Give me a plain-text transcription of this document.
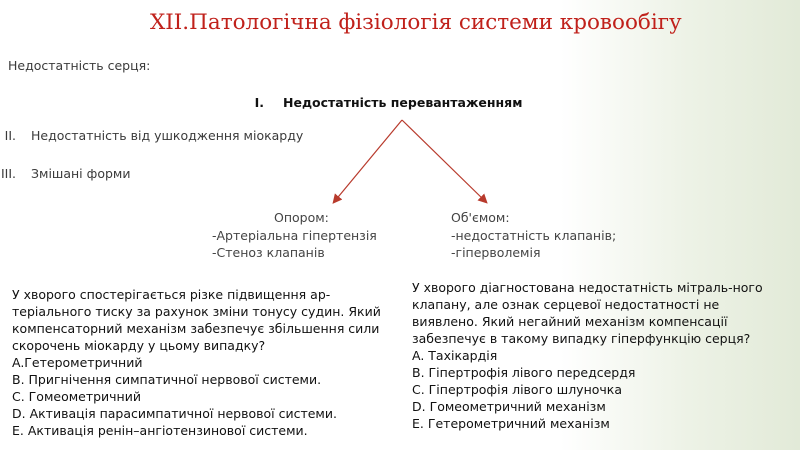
XII.Патологічна фізіологія системи кровообігу
Недостатність серця:
I. Недостатність перевантаженням
II. Недостатність від ушкодження міокарду
III. Змішані форми
Опором:
-Артеріальна гіпертензія
-Стеноз клапанів
Об'ємом:
-недостатність клапанів;
-гіперволемія
У хворого спостерігається різке підвищення ар-
теріального тиску за рахунок зміни тонусу судин. Який
компенсаторний механізм забезпечує збільшення сили
скорочень міокарду у цьому випадку?
A.Гетерометричний
B. Пригнічення симпатичної нервової системи.
C. Гомеометричний
D. Активація парасимпатичної нервової системи.
E. Активація ренін–ангіотензинової системи.
У хворого діагностована недостатність мітраль-ного
клапану, але ознак серцевої недостатності не
виявлено. Який негайний механізм компенсації
забезпечує в такому випадку гіперфункцію серця?
A. Тахікардія
B. Гіпертрофія лівого передсердя
C. Гіпертрофія лівого шлуночка
D. Гомеометричний механізм
E. Гетерометричний механізм
